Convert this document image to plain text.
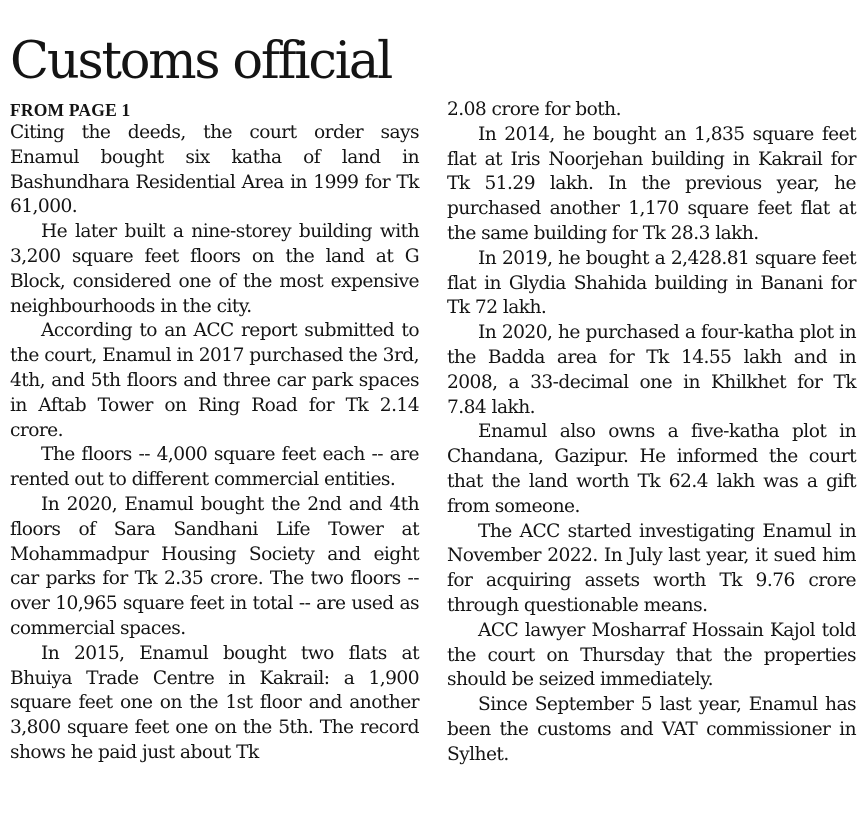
Customs official
FROM PAGE 1

Citing the deeds, the court order says Enamul bought six katha of land in Bashundhara Residential Area in 1999 for Tk 61,000.

He later built a nine-storey building with 3,200 square feet floors on the land at G Block, considered one of the most expensive neighbourhoods in the city.

According to an ACC report submitted to the court, Enamul in 2017 purchased the 3rd, 4th, and 5th floors and three car park spaces in Aftab Tower on Ring Road for Tk 2.14 crore.

The floors -- 4,000 square feet each -- are rented out to different commercial entities.

In 2020, Enamul bought the 2nd and 4th floors of Sara Sandhani Life Tower at Mohammadpur Housing Society and eight car parks for Tk 2.35 crore. The two floors -- over 10,965 square feet in total -- are used as commercial spaces.

In 2015, Enamul bought two flats at Bhuiya Trade Centre in Kakrail: a 1,900 square feet one on the 1st floor and another 3,800 square feet one on the 5th. The record shows he paid just about Tk

2.08 crore for both.

In 2014, he bought an 1,835 square feet flat at Iris Noorjehan building in Kakrail for Tk 51.29 lakh. In the previous year, he purchased another 1,170 square feet flat at the same building for Tk 28.3 lakh.

In 2019, he bought a 2,428.81 square feet flat in Glydia Shahida building in Banani for Tk 72 lakh.

In 2020, he purchased a four-katha plot in the Badda area for Tk 14.55 lakh and in 2008, a 33-decimal one in Khilkhet for Tk 7.84 lakh.

Enamul also owns a five-katha plot in Chandana, Gazipur. He informed the court that the land worth Tk 62.4 lakh was a gift from someone.

The ACC started investigating Enamul in November 2022. In July last year, it sued him for acquiring assets worth Tk 9.76 crore through questionable means.

ACC lawyer Mosharraf Hossain Kajol told the court on Thursday that the properties should be seized immediately.

Since September 5 last year, Enamul has been the customs and VAT commissioner in Sylhet.
